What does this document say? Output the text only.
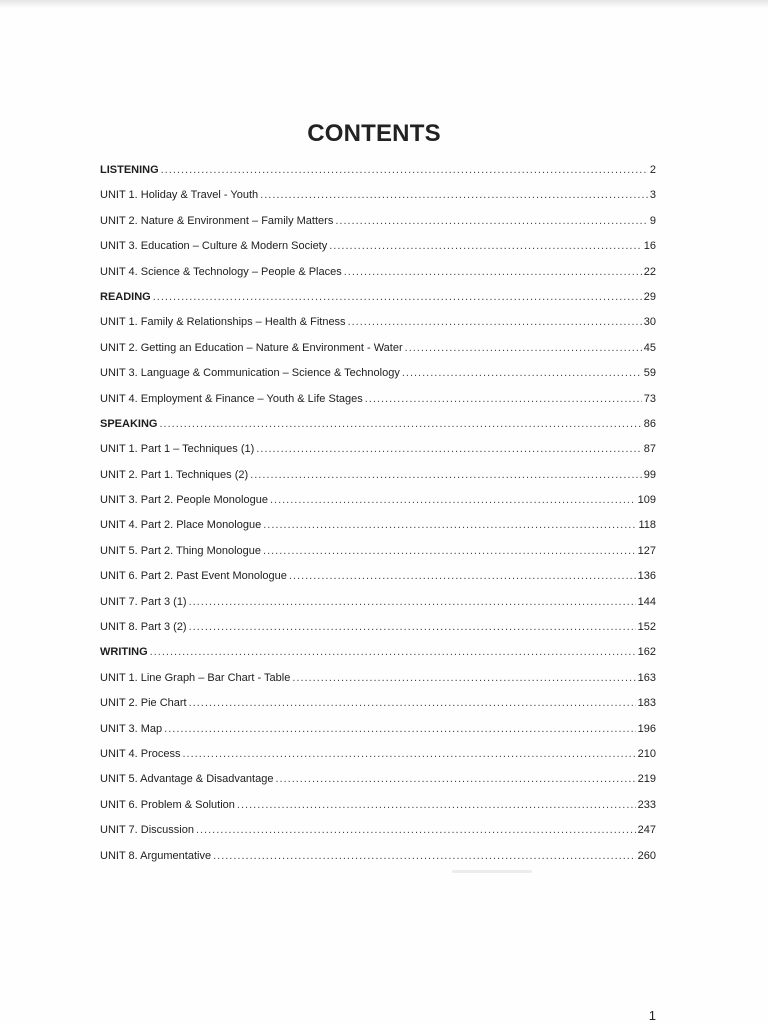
CONTENTS
LISTENING .....	2
UNIT 1. Holiday & Travel - Youth .....	3
UNIT 2. Nature & Environment – Family Matters .....	9
UNIT 3. Education – Culture & Modern Society .....	16
UNIT 4. Science & Technology – People & Places .....	22
READING .....	29
UNIT 1. Family & Relationships – Health & Fitness .....	30
UNIT 2. Getting an Education – Nature & Environment - Water .....	45
UNIT 3. Language & Communication – Science & Technology .....	59
UNIT 4. Employment & Finance – Youth & Life Stages .....	73
SPEAKING .....	86
UNIT 1. Part 1 – Techniques (1) .....	87
UNIT 2. Part 1. Techniques (2) .....	99
UNIT 3. Part 2. People Monologue .....	109
UNIT 4. Part 2. Place Monologue .....	118
UNIT 5. Part 2. Thing Monologue .....	127
UNIT 6. Part 2. Past Event Monologue .....	136
UNIT 7. Part 3 (1) .....	144
UNIT 8. Part 3 (2) .....	152
WRITING .....	162
UNIT 1. Line Graph – Bar Chart - Table .....	163
UNIT 2. Pie Chart .....	183
UNIT 3. Map .....	196
UNIT 4. Process .....	210
UNIT 5. Advantage & Disadvantage .....	219
UNIT 6. Problem & Solution .....	233
UNIT 7. Discussion .....	247
UNIT 8. Argumentative .....	260
1
